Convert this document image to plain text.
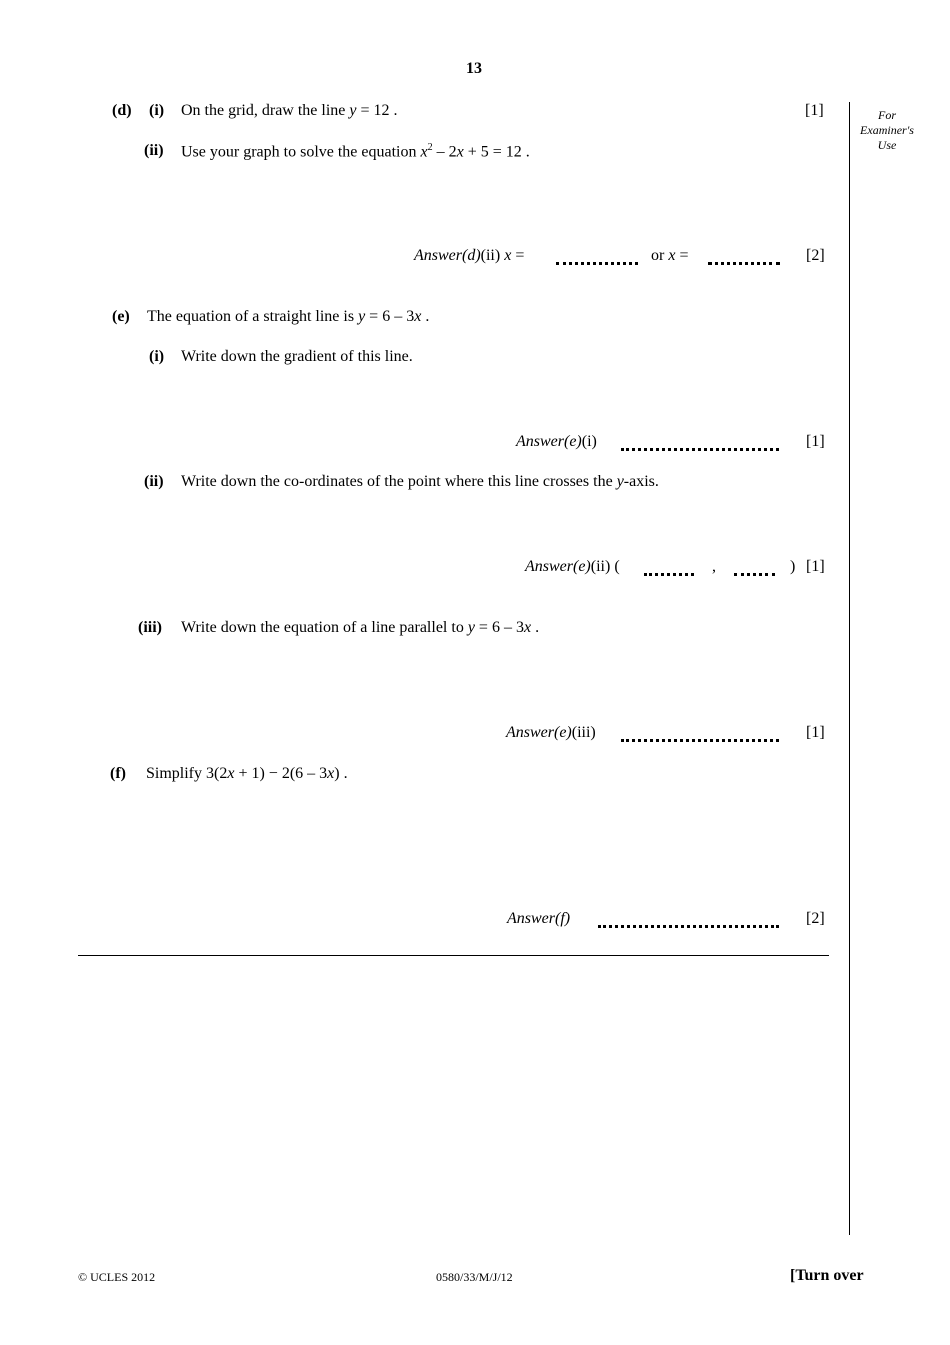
13
For
Examiner's
Use
(d) (i) On the grid, draw the line y = 12 .	[1]
(ii) Use your graph to solve the equation $x^2 - 2x + 5 = 12$ .
Answer(d)(ii) x =	or x =	[2]
(e) The equation of a straight line is y = 6 – 3x .
(i) Write down the gradient of this line.
Answer(e)(i)	[1]
(ii) Write down the co-ordinates of the point where this line crosses the y-axis.
Answer(e)(ii) (	,	) [1]
(iii) Write down the equation of a line parallel to y = 6 – 3x .
Answer(e)(iii)	[1]
(f) Simplify 3(2x + 1) − 2(6 – 3x) .
Answer(f)	[2]
© UCLES 2012	0580/33/M/J/12	[Turn over
